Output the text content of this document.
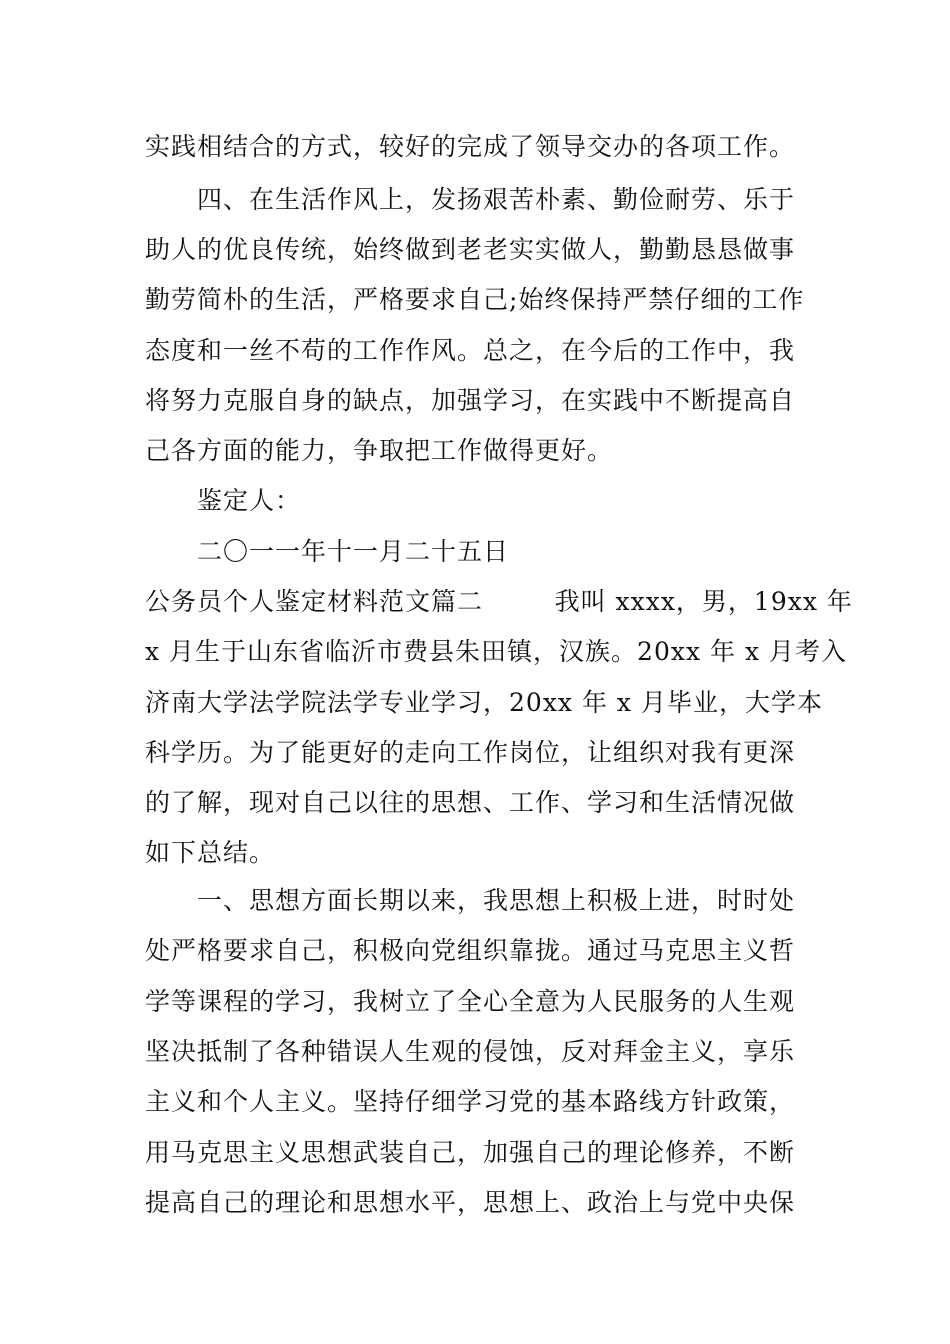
实践相结合的方式，较好的完成了领导交办的各项工作。
四、在生活作风上，发扬艰苦朴素、勤俭耐劳、乐于
助人的优良传统，始终做到老老实实做人，勤勤恳恳做事
勤劳简朴的生活，严格要求自己;始终保持严禁仔细的工作
态度和一丝不苟的工作作风。总之，在今后的工作中，我
将努力克服自身的缺点，加强学习，在实践中不断提高自
己各方面的能力，争取把工作做得更好。
鉴定人：
二〇一一年十一月二十五日
公务员个人鉴定材料范文篇二        我叫 xxxx，男，19xx 年
x 月生于山东省临沂市费县朱田镇，汉族。20xx 年 x 月考入
济南大学法学院法学专业学习，20xx 年 x 月毕业，大学本
科学历。为了能更好的走向工作岗位，让组织对我有更深
的了解，现对自己以往的思想、工作、学习和生活情况做
如下总结。
一、思想方面长期以来，我思想上积极上进，时时处
处严格要求自己，积极向党组织靠拢。通过马克思主义哲
学等课程的学习，我树立了全心全意为人民服务的人生观
坚决抵制了各种错误人生观的侵蚀，反对拜金主义，享乐
主义和个人主义。坚持仔细学习党的基本路线方针政策，
用马克思主义思想武装自己，加强自己的理论修养，不断
提高自己的理论和思想水平，思想上、政治上与党中央保
